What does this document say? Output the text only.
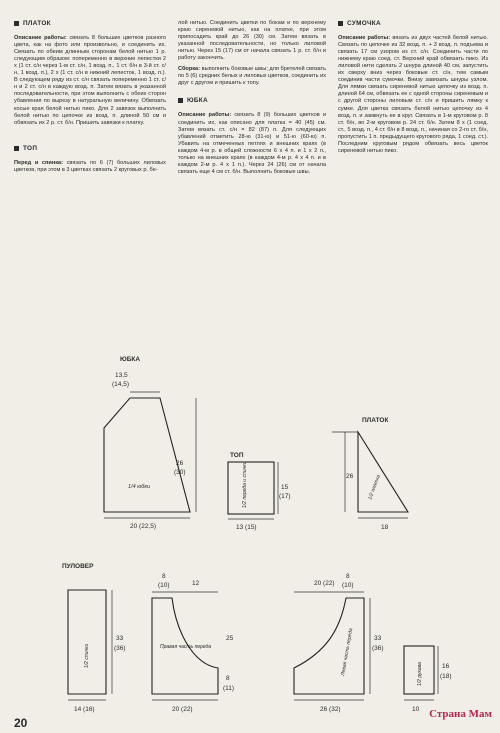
ПЛАТОК

Описание работы: связать 8 больших цветков разного цвета, как на фото или произвольно, и соединить их. Связать по обеим длинным сторонам белой нитью 1 р. следующим образом: попеременно в верхние лепестки 2 х (1 ст. с/н через 1-м ст. с/н, 1 возд. п., 1 ст. б/н в 3-й ст. с/н, 1 возд. п.), 2 х (1 ст. с/н в нижний лепесток, 1 возд. п.). В следующем ряду из ст. с/н связать попеременно 1 ст. с/н и 2 ст. с/н в каждую возд. п. Затем вязать в указанной последовательности, при этом выполнить с обеих сторон убавления по вырезу в натуральную величину. Обвязать косые края белой нитью пико. Для 2 завязок выполнить белой нитью по цепочке из возд. п. длиной 50 см и обвязать их 2 р. ст. б/н. Пришить завязки к платку.

ТОП

Перед и спинка: связать по 6 (7) больших лиловых цветков, при этом в 3 цветках связать 2 круговых р. бе-

лой нитью. Соединить цветки по бокам и по верхнему краю сиреневой нитью, как на платке, при этом припосадить край до 26 (30) см. Затем вязать в указанной последовательности, но только лиловой нитью. Через 15 (17) см от начала связать 1 р. ст. б/н и работу закончить.

Сборка: выполнить боковые швы; для бретелей связать по 5 (6) средних белых и лиловых цветков, соединить их друг с другом и пришить к топу.

ЮБКА

Описание работы: связать 8 (9) больших цветков и соединить их, как описано для платка = 40 (45) см. Затем вязать ст. с/н = 82 (87) п. Для следующих убавлений отметить 28-ю (31-ю) и 51-ю (60-ю) п. Убавить на отмеченных петлях и внешних краях (в каждом 4-м р. в общей сложности 6 х 4 п. и 1 х 2 п., только на внешних краях (в каждом 4-м р. 4 х 4 п. и в каждом 2-м р. 4 х 1 п.). Через 24 (26) см от начала связать еще 4 см ст. б/н. Выполнить боковые швы.

СУМОЧКА

Описание работы: вязать из двух частей белой нитью. Связать по цепочке из 32 возд. п. + 3 возд. п. подъема и связать 17 см узором из ст. с/н. Соединить части по нижнему краю соед. ст. Верхний край обвязать пико. Из лиловой нити сделать 2 шнура длиной 40 см, запустить их сверху вниз через боковые ст. с/н, тем самым соединив части сумочки. Внизу завязать шнуры узлом. Для лямки связать сиреневой нитью цепочку из возд. п. длиной 64 см, обвязать ее с одной стороны сиреневым и с другой стороны лиловым ст. с/н и пришить лямку к сумке. Для цветка связать белой нитью цепочку из 4 возд. п. и замкнуть ее в круг. Связать в 1-м круговом р. 8 ст. б/н, во 2-м круговом р. 24 ст. б/н. Затем 8 х (1 соед. ст., 5 возд. п., 4 ст. б/н в 8 возд. п., начиная со 2-го ст. б/н, пропустить 1 п. предыдущего кругового ряда, 1 соед. ст.). Последним круговым рядом обвязать весь цветок сиреневой нитью пико.

ЮБКА
13,5
(14,5)
1/4 юбки
26
(30)
20 (22,5)
ТОП
1/2 переда и спинки	15
(17)
13 (15)
ПЛАТОК
26	1/2 платка
18
ПУЛОВЕР
1/2 спинки
33
(36)
14 (16)
8
(10)	12
Правая часть переда
25
8
(11)
20 (22)
8
(10)
20 (22)
Левая часть переда	33
(36)
26 (32)
1/2 рукава	16
(18)
10
20
Страна Мам
